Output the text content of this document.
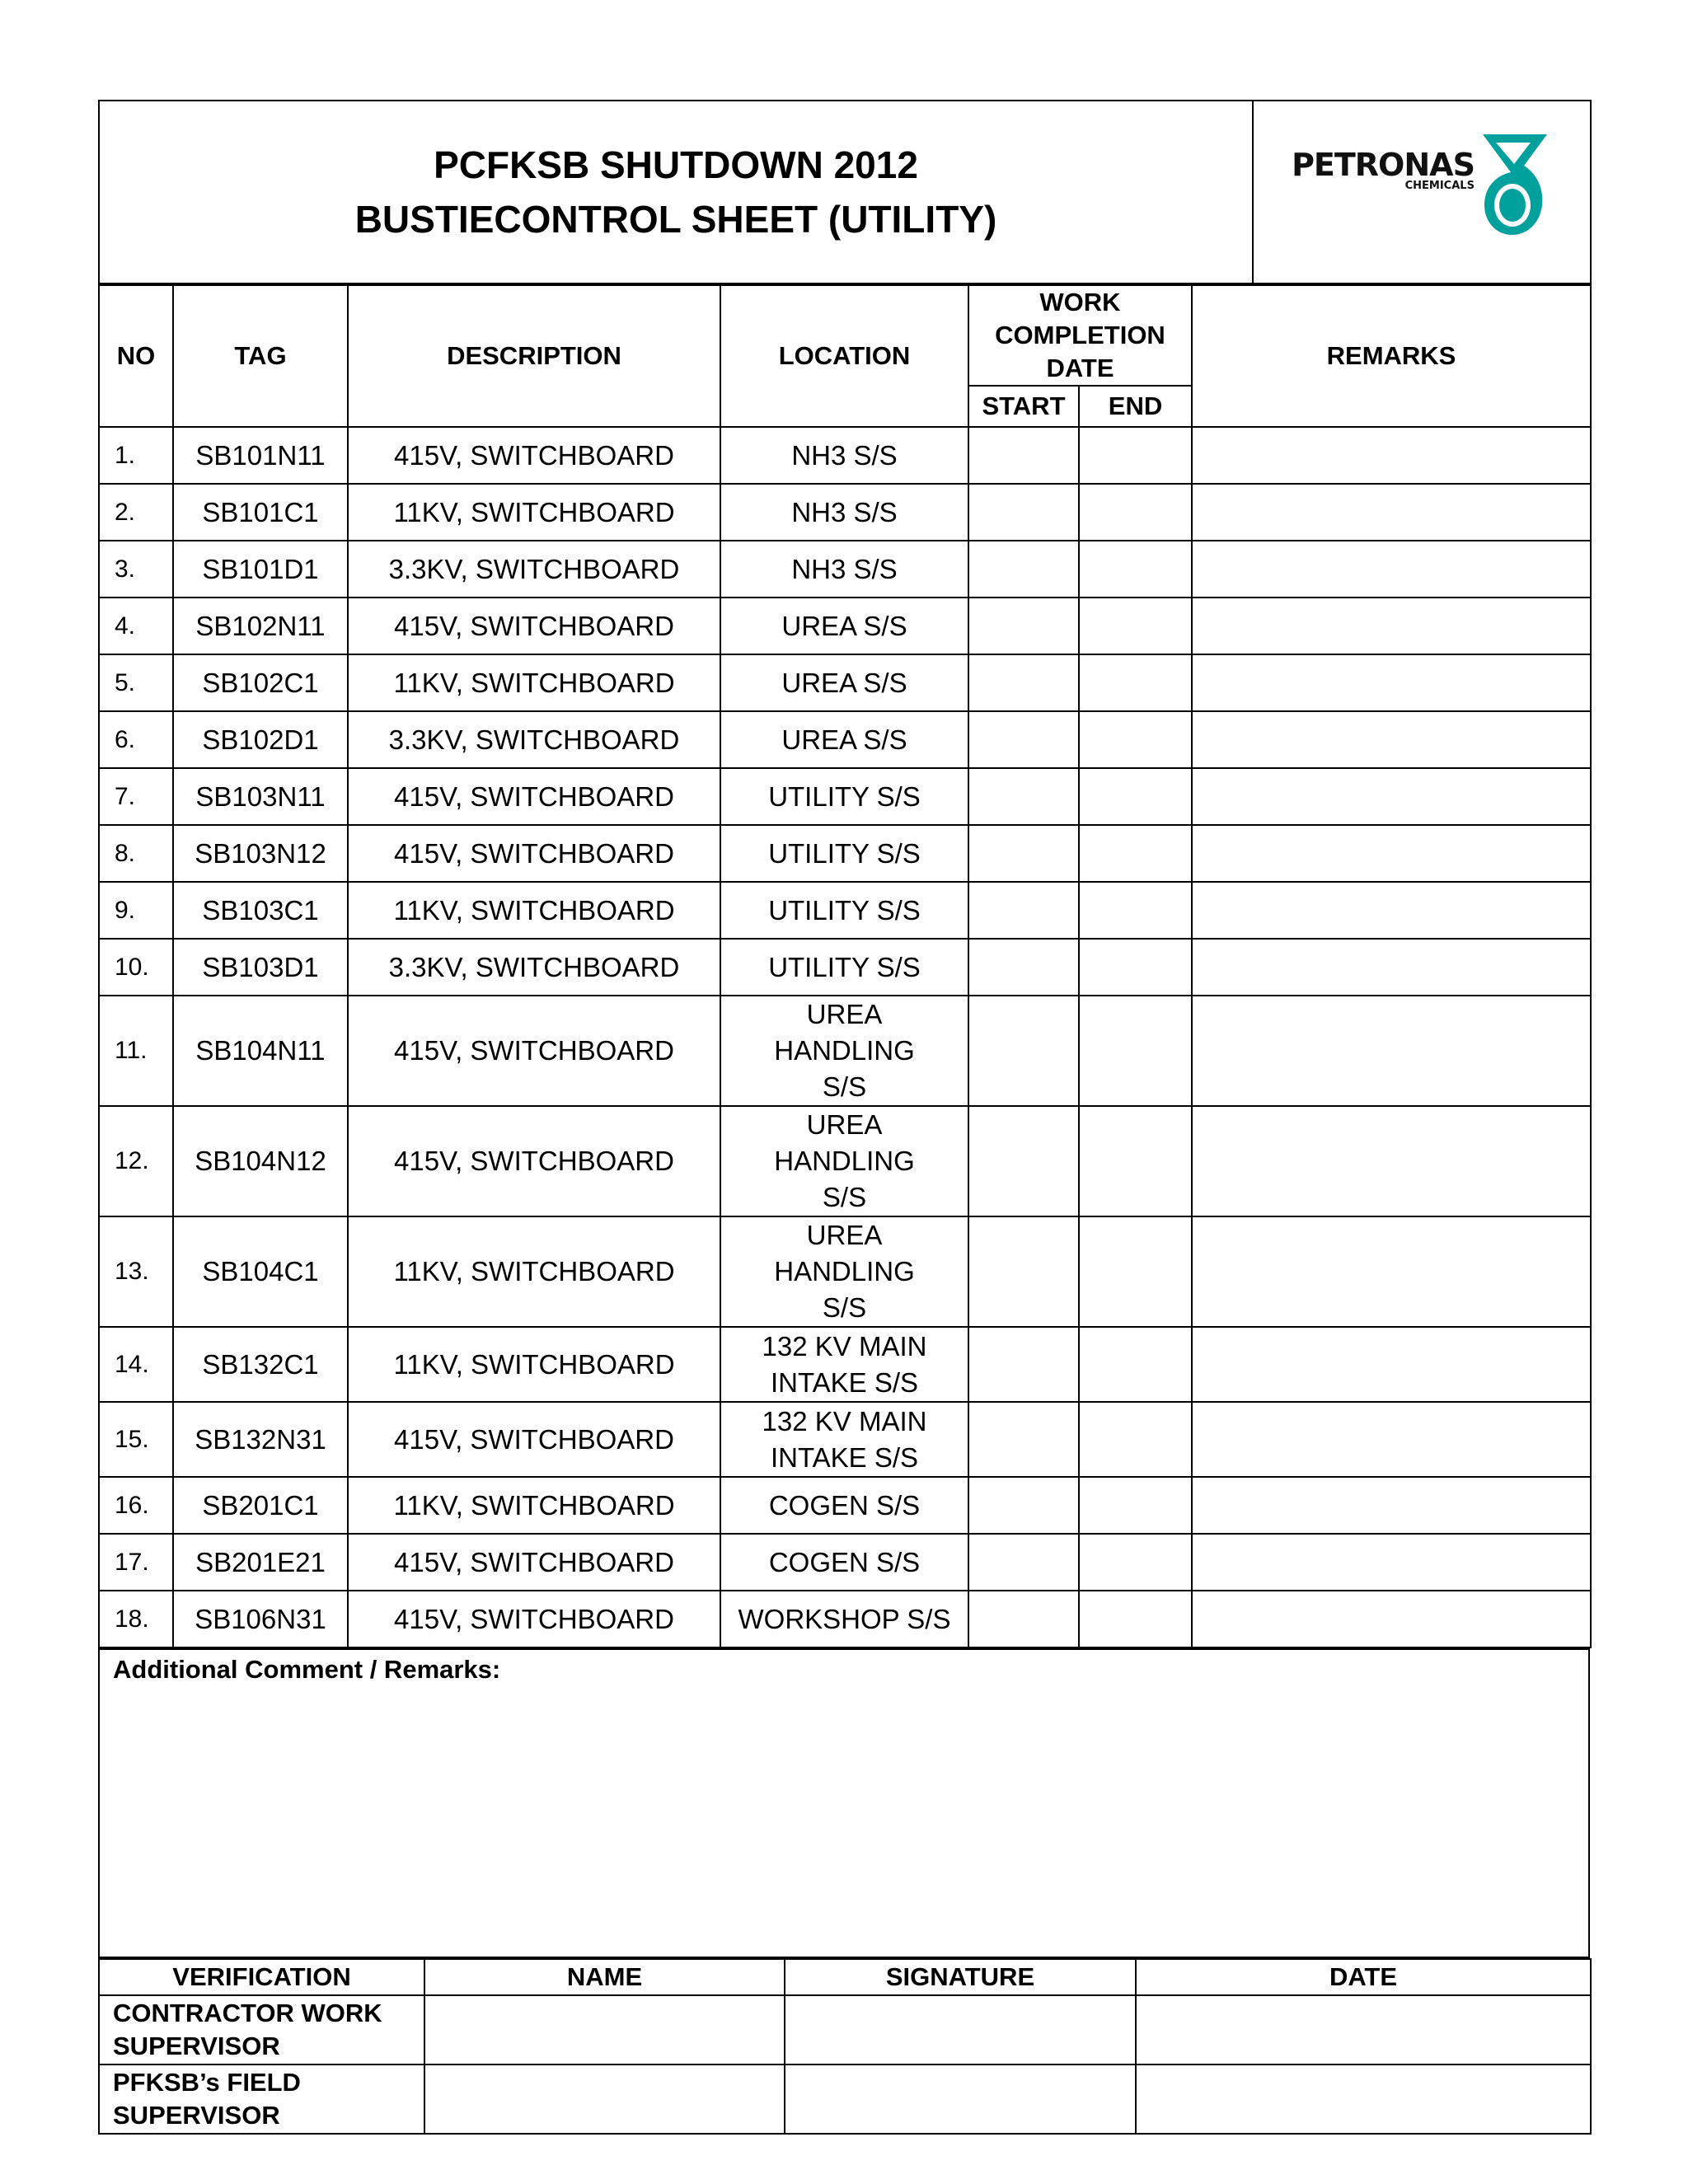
PCFKSB SHUTDOWN 2012
BUSTIECONTROL SHEET (UTILITY)

PETRONAS
CHEMICALS
NO	TAG	DESCRIPTION	LOCATION	WORK COMPLETION DATE		REMARKS
				START	END	
1.	SB101N11	415V, SWITCHBOARD	NH3 S/S			
2.	SB101C1	11KV, SWITCHBOARD	NH3 S/S			
3.	SB101D1	3.3KV, SWITCHBOARD	NH3 S/S			
4.	SB102N11	415V, SWITCHBOARD	UREA S/S			
5.	SB102C1	11KV, SWITCHBOARD	UREA S/S			
6.	SB102D1	3.3KV, SWITCHBOARD	UREA S/S			
7.	SB103N11	415V, SWITCHBOARD	UTILITY S/S			
8.	SB103N12	415V, SWITCHBOARD	UTILITY S/S			
9.	SB103C1	11KV, SWITCHBOARD	UTILITY S/S			
10.	SB103D1	3.3KV, SWITCHBOARD	UTILITY S/S			
11.	SB104N11	415V, SWITCHBOARD	UREA HANDLING S/S			
12.	SB104N12	415V, SWITCHBOARD	UREA HANDLING S/S			
13.	SB104C1	11KV, SWITCHBOARD	UREA HANDLING S/S			
14.	SB132C1	11KV, SWITCHBOARD	132 KV MAIN INTAKE S/S			
15.	SB132N31	415V, SWITCHBOARD	132 KV MAIN INTAKE S/S			
16.	SB201C1	11KV, SWITCHBOARD	COGEN S/S			
17.	SB201E21	415V, SWITCHBOARD	COGEN S/S			
18.	SB106N31	415V, SWITCHBOARD	WORKSHOP S/S			
Additional Comment / Remarks:
VERIFICATION	NAME	SIGNATURE	DATE
CONTRACTOR WORK SUPERVISOR			
PFKSB’s FIELD SUPERVISOR			
